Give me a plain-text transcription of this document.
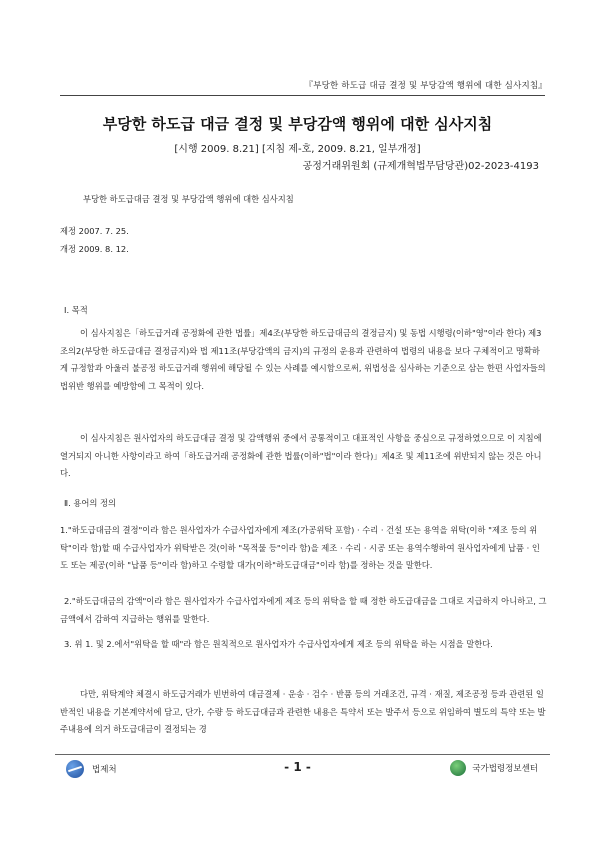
『부당한 하도급 대금 결정 및 부당감액 행위에 대한 심사지침』
부당한 하도급 대금 결정 및 부당감액 행위에 대한 심사지침
[시행 2009. 8.21] [지침 제-호, 2009. 8.21, 일부개정]
공정거래위원회 (규제개혁법무담당관)02-2023-4193
부당한 하도급대금 결정 및 부당감액 행위에 대한 심사지침
제정 2007. 7. 25.
개정 2009. 8. 12.
Ⅰ. 목적

이 심사지침은「하도급거래 공정화에 관한 법률」제4조(부당한 하도급대금의 결정금지) 및 동법 시행령(이하"영"이라 한다) 제3조의2(부당한 하도급대금 결정금지)와 법 제11조(부당감액의 금지)의 규정의 운용과 관련하여 법령의 내용을 보다 구체적이고 명확하게 규정함과 아울러 불공정 하도급거래 행위에 해당될 수 있는 사례를 예시함으로써, 위법성을 심사하는 기준으로 삼는 한편 사업자들의 법위반 행위를 예방함에 그 목적이 있다.

이 심사지침은 원사업자의 하도급대금 결정 및 감액행위 중에서 공통적이고 대표적인 사항을 중심으로 규정하였으므로 이 지침에 열거되지 아니한 사항이라고 하여「하도급거래 공정화에 관한 법률(이하"법"이라 한다)」제4조 및 제11조에 위반되지 않는 것은 아니다.

Ⅱ. 용어의 정의

1."하도급대금의 결정"이라 함은 원사업자가 수급사업자에게 제조(가공위탁 포함) · 수리 · 건설 또는 용역을 위탁(이하 "제조 등의 위탁"이라 함)할 때 수급사업자가 위탁받은 것(이하 "목적물 등"이라 함)을 제조 · 수리 · 시공 또는 용역수행하여 원사업자에게 납품 · 인도 또는 제공(이하 "납품 등"이라 함)하고 수령할 대가(이하"하도급대금"이라 함)를 정하는 것을 말한다.

2."하도급대금의 감액"이라 함은 원사업자가 수급사업자에게 제조 등의 위탁을 할 때 정한 하도급대금을 그대로 지급하지 아니하고, 그 금액에서 감하여 지급하는 행위를 말한다.

3. 위 1. 및 2.에서"위탁을 할 때"라 함은 원칙적으로 원사업자가 수급사업자에게 제조 등의 위탁을 하는 시점을 말한다.

다만, 위탁계약 체결시 하도급거래가 빈번하여 대금결제 · 운송 · 검수 · 반품 등의 거래조건, 규격 · 재질, 제조공정 등과 관련된 일반적인 내용을 기본계약서에 담고, 단가, 수량 등 하도급대금과 관련한 내용은 특약서 또는 발주서 등으로 위임하여 별도의 특약 또는 발주내용에 의거 하도급대금이 결정되는 경

법제처	- 1 -	국가법령정보센터
